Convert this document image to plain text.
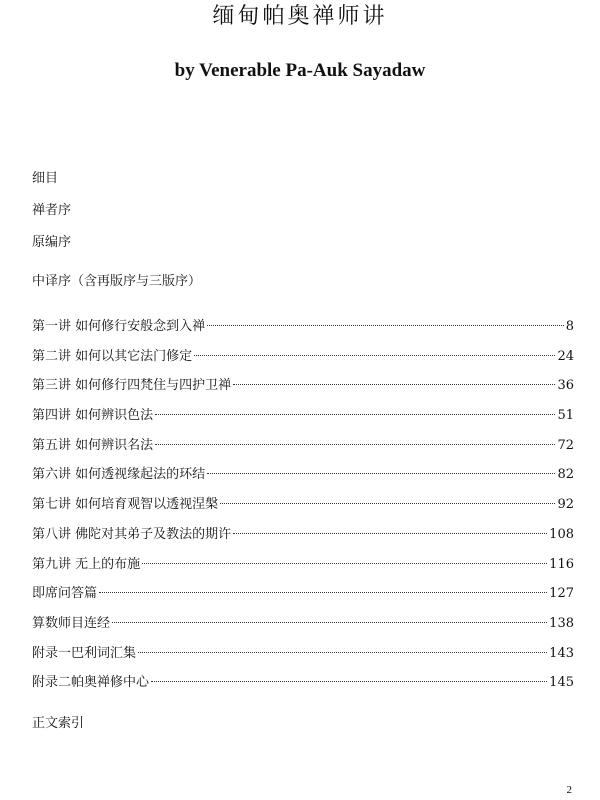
缅甸帕奥禅师讲
by Venerable Pa-Auk Sayadaw
细目
禅者序
原编序
中译序（含再版序与三版序）
第一讲 如何修行安般念到入禅	8
第二讲 如何以其它法门修定	24
第三讲 如何修行四梵住与四护卫禅	36
第四讲 如何辨识色法	51
第五讲 如何辨识名法	72
第六讲 如何透视缘起法的环结	82
第七讲 如何培育观智以透视涅槃	92
第八讲 佛陀对其弟子及教法的期许	108
第九讲 无上的布施	116
即席问答篇	127
算数师目连经	138
附录一巴利词汇集	143
附录二帕奥禅修中心	145
正文索引
2
